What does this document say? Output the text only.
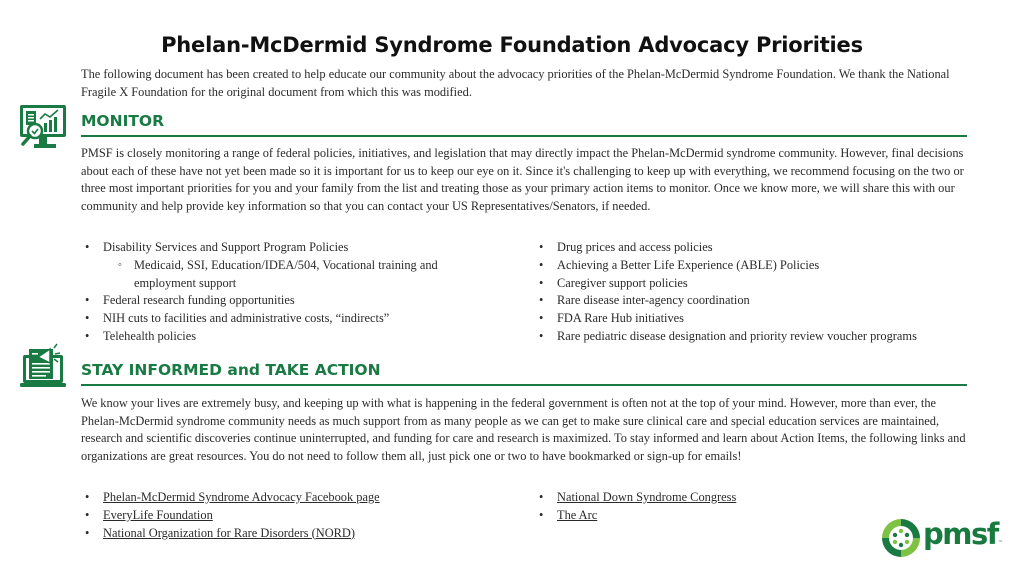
Phelan-McDermid Syndrome Foundation Advocacy Priorities
The following document has been created to help educate our community about the advocacy priorities of the Phelan-McDermid Syndrome Foundation. We thank the National Fragile X Foundation for the original document from which this was modified.
MONITOR
PMSF is closely monitoring a range of federal policies, initiatives, and legislation that may directly impact the Phelan-McDermid syndrome community. However, final decisions about each of these have not yet been made so it is important for us to keep our eye on it. Since it's challenging to keep up with everything, we recommend focusing on the two or three most important priorities for you and your family from the list and treating those as your primary action items to monitor. Once we know more, we will share this with our community and help provide key information so that you can contact your US Representatives/Senators, if needed.
• Disability Services and Support Program Policies
◦ Medicaid, SSI, Education/IDEA/504, Vocational training and employment support
• Federal research funding opportunities
• NIH cuts to facilities and administrative costs, “indirects”
• Telehealth policies
• Drug prices and access policies
• Achieving a Better Life Experience (ABLE) Policies
• Caregiver support policies
• Rare disease inter-agency coordination
• FDA Rare Hub initiatives
• Rare pediatric disease designation and priority review voucher programs
STAY INFORMED and TAKE ACTION
We know your lives are extremely busy, and keeping up with what is happening in the federal government is often not at the top of your mind. However, more than ever, the Phelan-McDermid syndrome community needs as much support from as many people as we can get to make sure clinical care and special education services are maintained, research and scientific discoveries continue uninterrupted, and funding for care and research is maximized. To stay informed and learn about Action Items, the following links and organizations are great resources. You do not need to follow them all, just pick one or two to have bookmarked or sign-up for emails!
• Phelan-McDermid Syndrome Advocacy Facebook page
• EveryLife Foundation
• National Organization for Rare Disorders (NORD)
• National Down Syndrome Congress
• The Arc
pmsf™
